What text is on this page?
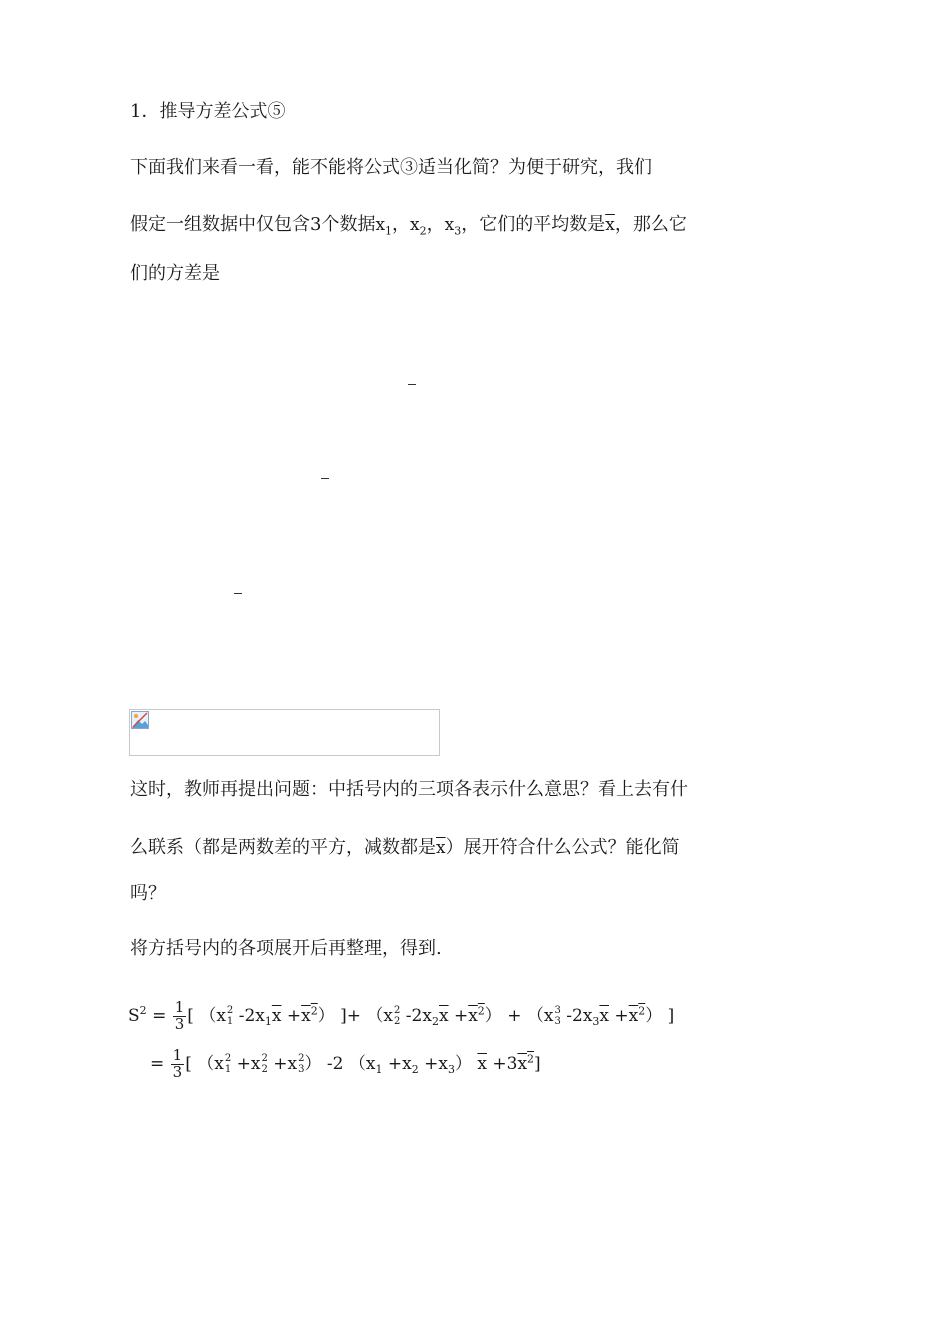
1．推导方差公式⑤
下面我们来看一看，能不能将公式③适当化简？为便于研究，我们
假定一组数据中仅包含3个数据$x_1$，$x_2$，$x_3$，它们的平均数是$\overline{x}$，那么它
们的方差是
这时，教师再提出问题：中括号内的三项各表示什么意思？看上去有什
么联系（都是两数差的平方，减数都是$\overline{x}$）展开符合什么公式？能化简
吗？
将方括号内的各项展开后再整理，得到.
$S^2 = \frac{1}{3}$ [ （x 2
1 $-2x_1\overline{x} +x^2$） ]+ （x 2
2 $-2x_2\overline{x} +x^2) + (x$ 3
3 $-2x_3\overline{x} +x^2$） ]
= $\frac{1}{3}$ [ （x 2
1 +x 2
2 +x 2
3 ） -2 $(x_1 +x_2 +x_3)$ $\overline{x} +3x^2$]
